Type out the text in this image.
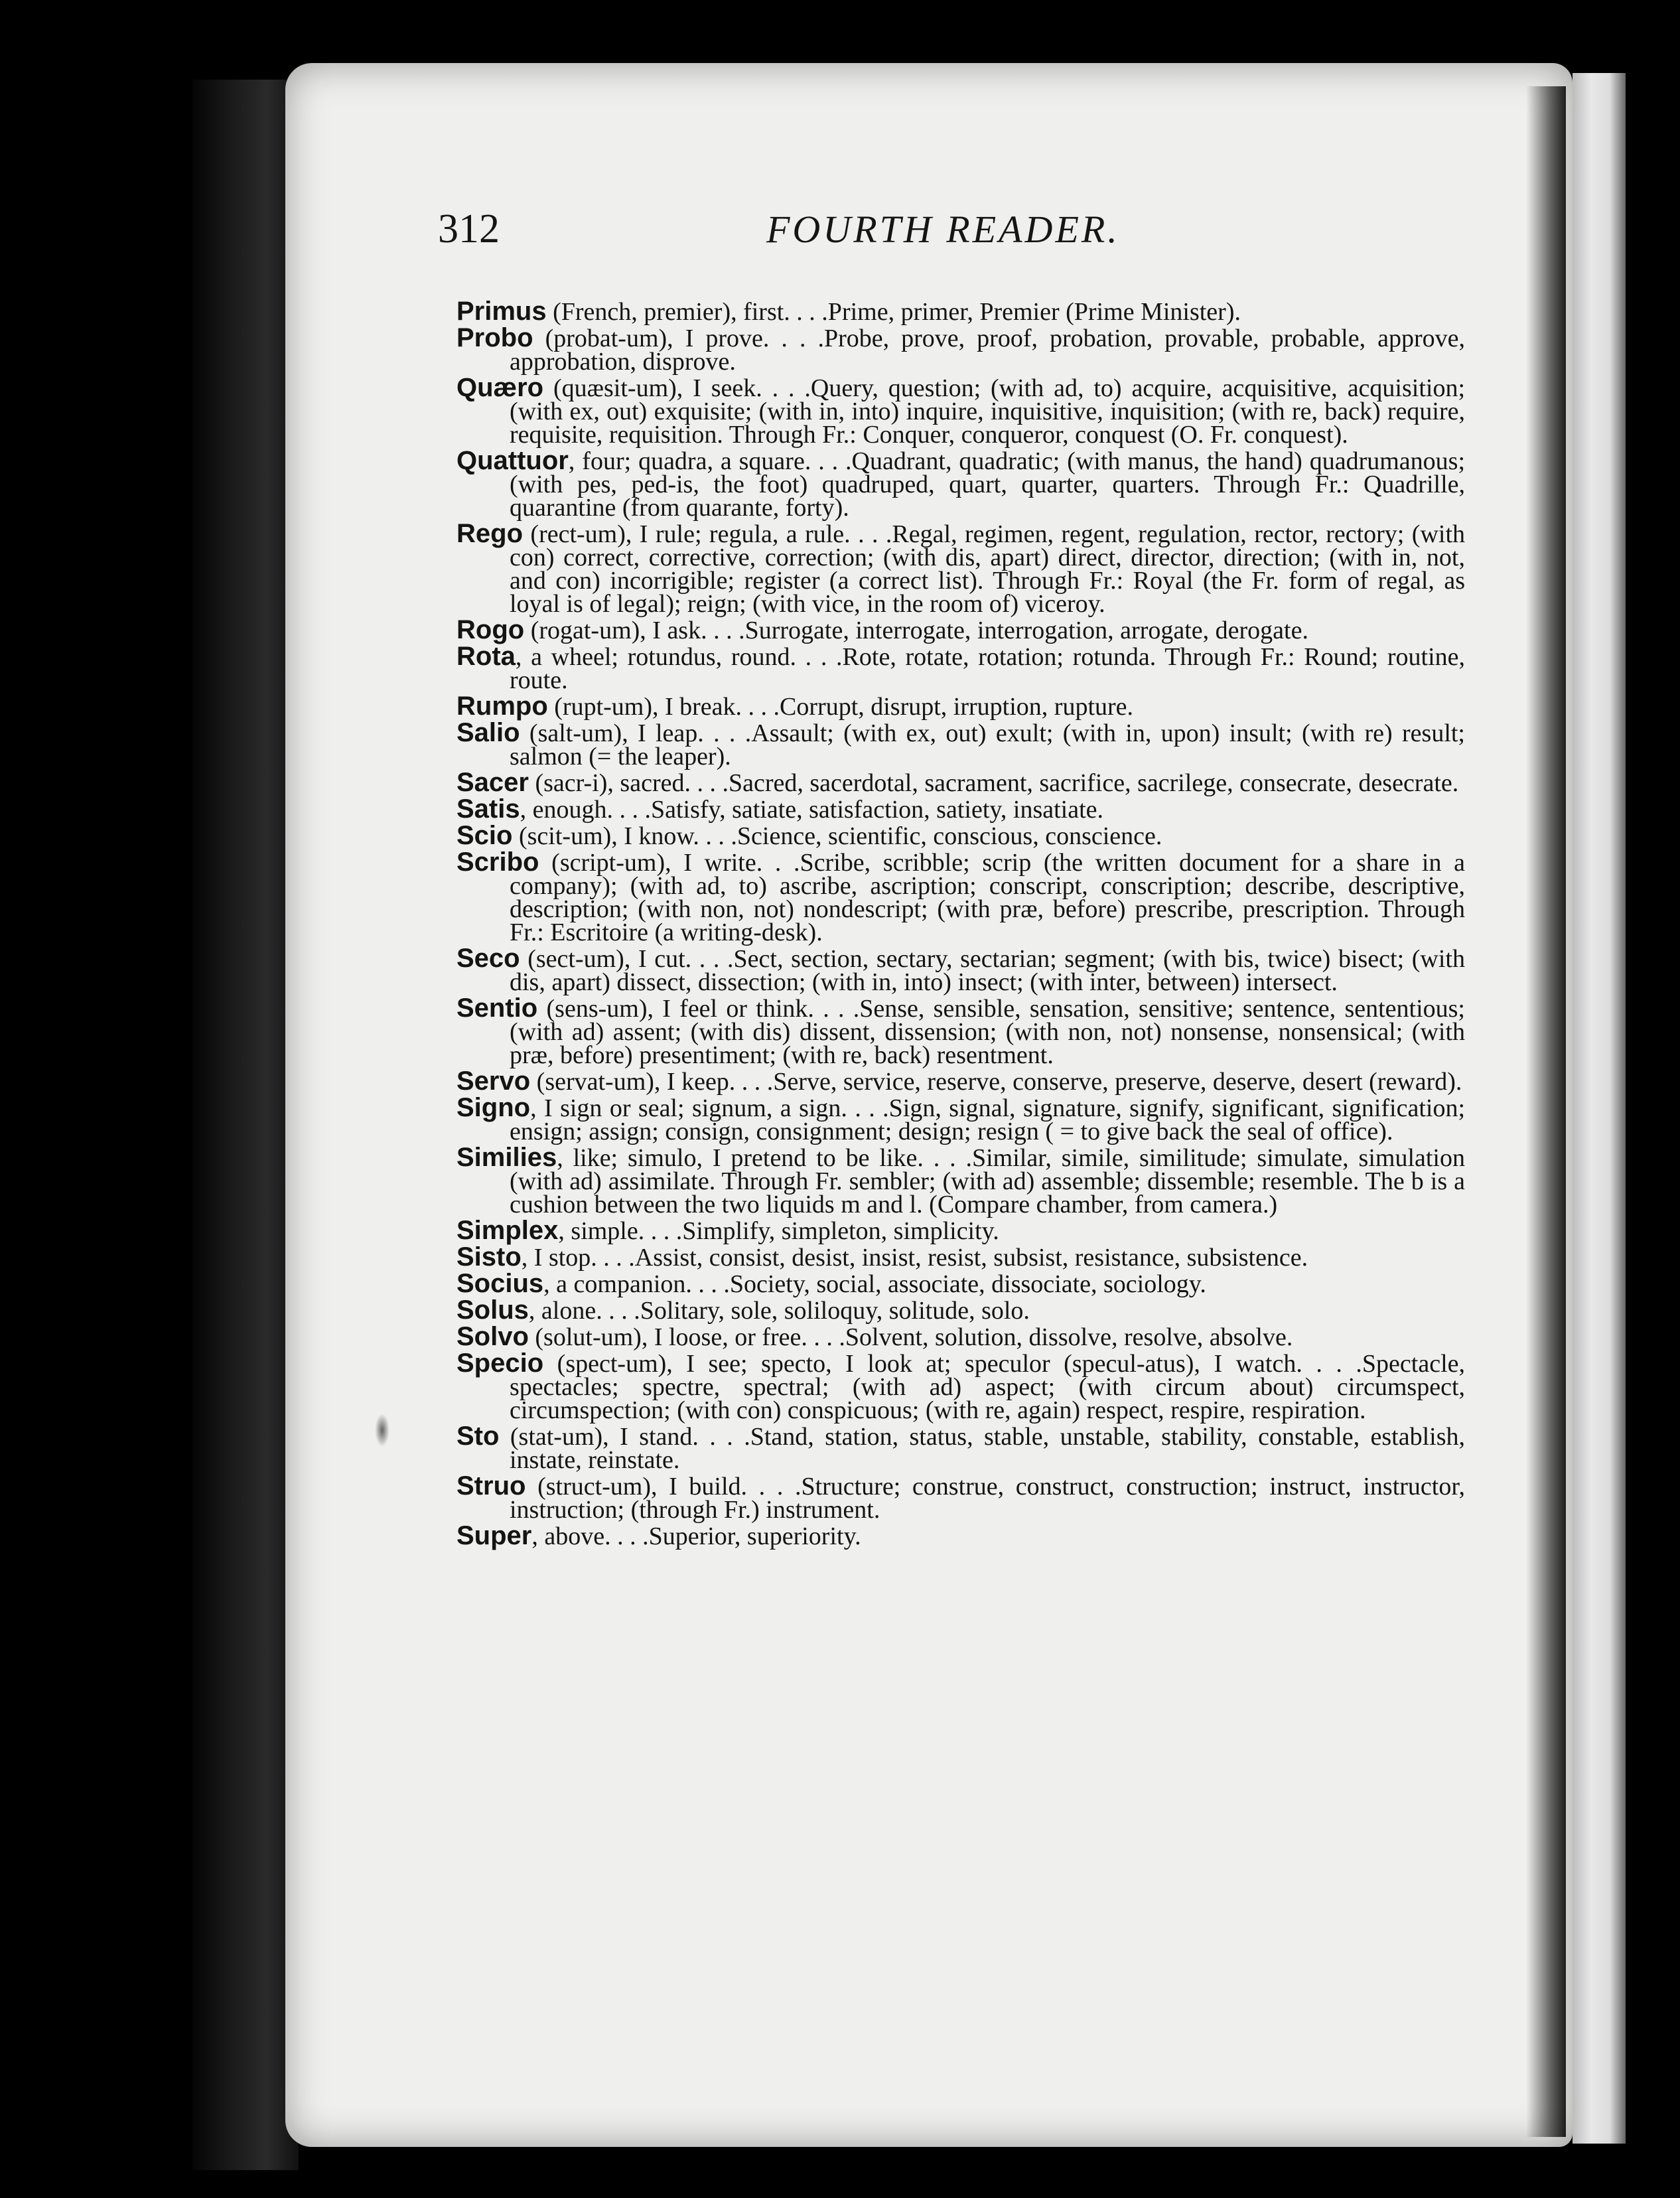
312	FOURTH READER.

Primus (French, premier), first. . . .Prime, primer, Premier (Prime Minister).

Probo (probat-um), I prove. . . .Probe, prove, proof, probation, provable, probable, approve, approbation, disprove.

Quæro (quæsit-um), I seek. . . .Query, question; (with ad, to) acquire, acquisitive, acquisition; (with ex, out) exquisite; (with in, into) inquire, inquisitive, inquisition; (with re, back) require, requisite, requisition. Through Fr.: Conquer, conqueror, conquest (O. Fr. conquest).

Quattuor, four; quadra, a square. . . .Quadrant, quadratic; (with manus, the hand) quadrumanous; (with pes, ped-is, the foot) quadruped, quart, quarter, quarters. Through Fr.: Quadrille, quarantine (from quarante, forty).

Rego (rect-um), I rule; regula, a rule. . . .Regal, regimen, regent, regulation, rector, rectory; (with con) correct, corrective, correction; (with dis, apart) direct, director, direction; (with in, not, and con) incorrigible; register (a correct list). Through Fr.: Royal (the Fr. form of regal, as loyal is of legal); reign; (with vice, in the room of) viceroy.

Rogo (rogat-um), I ask. . . .Surrogate, interrogate, interrogation, arrogate, derogate.

Rota, a wheel; rotundus, round. . . .Rote, rotate, rotation; rotunda. Through Fr.: Round; routine, route.

Rumpo (rupt-um), I break. . . .Corrupt, disrupt, irruption, rupture.

Salio (salt-um), I leap. . . .Assault; (with ex, out) exult; (with in, upon) insult; (with re) result; salmon (= the leaper).

Sacer (sacr-i), sacred. . . .Sacred, sacerdotal, sacrament, sacrifice, sacrilege, consecrate, desecrate.

Satis, enough. . . .Satisfy, satiate, satisfaction, satiety, insatiate.

Scio (scit-um), I know. . . .Science, scientific, conscious, conscience.

Scribo (script-um), I write. . .Scribe, scribble; scrip (the written document for a share in a company); (with ad, to) ascribe, ascription; conscript, conscription; describe, descriptive, description; (with non, not) nondescript; (with præ, before) prescribe, prescription. Through Fr.: Escritoire (a writing-desk).

Seco (sect-um), I cut. . . .Sect, section, sectary, sectarian; segment; (with bis, twice) bisect; (with dis, apart) dissect, dissection; (with in, into) insect; (with inter, between) intersect.

Sentio (sens-um), I feel or think. . . .Sense, sensible, sensation, sensitive; sentence, sententious; (with ad) assent; (with dis) dissent, dissension; (with non, not) nonsense, nonsensical; (with præ, before) presentiment; (with re, back) resentment.

Servo (servat-um), I keep. . . .Serve, service, reserve, conserve, preserve, deserve, desert (reward).

Signo, I sign or seal; signum, a sign. . . .Sign, signal, signature, signify, significant, signification; ensign; assign; consign, consignment; design; resign ( = to give back the seal of office).

Similies, like; simulo, I pretend to be like. . . .Similar, simile, similitude; simulate, simulation (with ad) assimilate. Through Fr. sembler; (with ad) assemble; dissemble; resemble. The b is a cushion between the two liquids m and l. (Compare chamber, from camera.)

Simplex, simple. . . .Simplify, simpleton, simplicity.

Sisto, I stop. . . .Assist, consist, desist, insist, resist, subsist, resistance, subsistence.

Socius, a companion. . . .Society, social, associate, dissociate, sociology.

Solus, alone. . . .Solitary, sole, soliloquy, solitude, solo.

Solvo (solut-um), I loose, or free. . . .Solvent, solution, dissolve, resolve, absolve.

Specio (spect-um), I see; specto, I look at; speculor (specul-atus), I watch. . . .Spectacle, spectacles; spectre, spectral; (with ad) aspect; (with circum about) circumspect, circumspection; (with con) conspicuous; (with re, again) respect, respire, respiration.

Sto (stat-um), I stand. . . .Stand, station, status, stable, unstable, stability, constable, establish, instate, reinstate.

Struo (struct-um), I build. . . .Structure; construe, construct, construction; instruct, instructor, instruction; (through Fr.) instrument.

Super, above. . . .Superior, superiority.
